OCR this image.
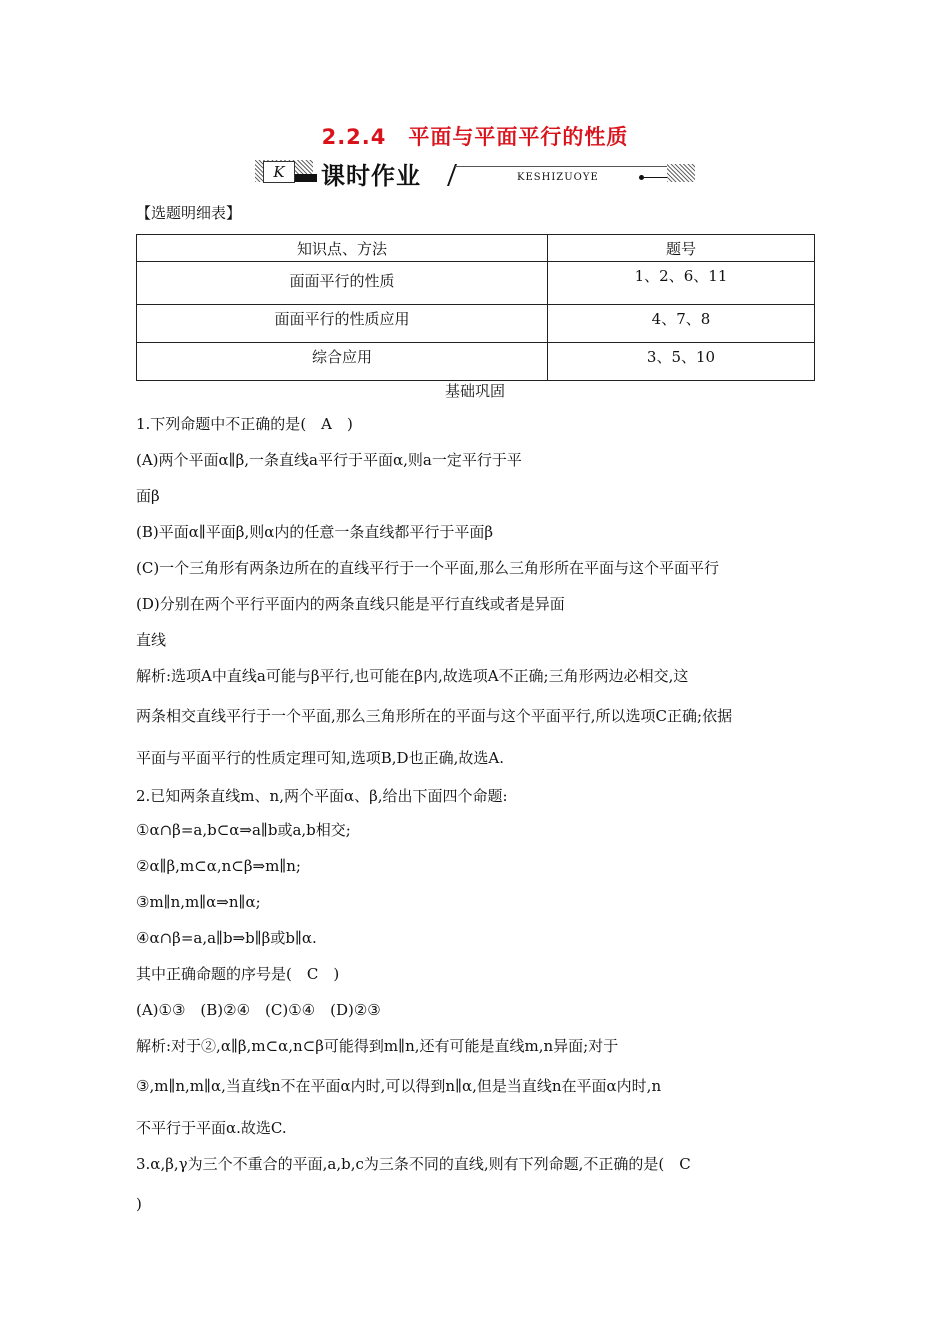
2.2.4　平面与平面平行的性质
K	课时作业	KESHIZUOYE
【选题明细表】
知识点、方法	题号
面面平行的性质	1、2、6、11
面面平行的性质应用	4、7、8
综合应用	3、5、10
基础巩固
1.下列命题中不正确的是(　A　)
(A)两个平面α∥β,一条直线a平行于平面α,则a一定平行于平
面β
(B)平面α∥平面β,则α内的任意一条直线都平行于平面β
(C)一个三角形有两条边所在的直线平行于一个平面,那么三角形所在平面与这个平面平行
(D)分别在两个平行平面内的两条直线只能是平行直线或者是异面
直线
解析:选项A中直线a可能与β平行,也可能在β内,故选项A不正确;三角形两边必相交,这
两条相交直线平行于一个平面,那么三角形所在的平面与这个平面平行,所以选项C正确;依据
平面与平面平行的性质定理可知,选项B,D也正确,故选A.
2.已知两条直线m、n,两个平面α、β,给出下面四个命题:
①α∩β=a,b⊂α⇒a∥b或a,b相交;
②α∥β,m⊂α,n⊂β⇒m∥n;
③m∥n,m∥α⇒n∥α;
④α∩β=a,a∥b⇒b∥β或b∥α.
其中正确命题的序号是(　C　)
(A)①③　(B)②④　(C)①④　(D)②③
解析:对于②,α∥β,m⊂α,n⊂β可能得到m∥n,还有可能是直线m,n异面;对于
③,m∥n,m∥α,当直线n不在平面α内时,可以得到n∥α,但是当直线n在平面α内时,n
不平行于平面α.故选C.
3.α,β,γ为三个不重合的平面,a,b,c为三条不同的直线,则有下列命题,不正确的是(　C
)
